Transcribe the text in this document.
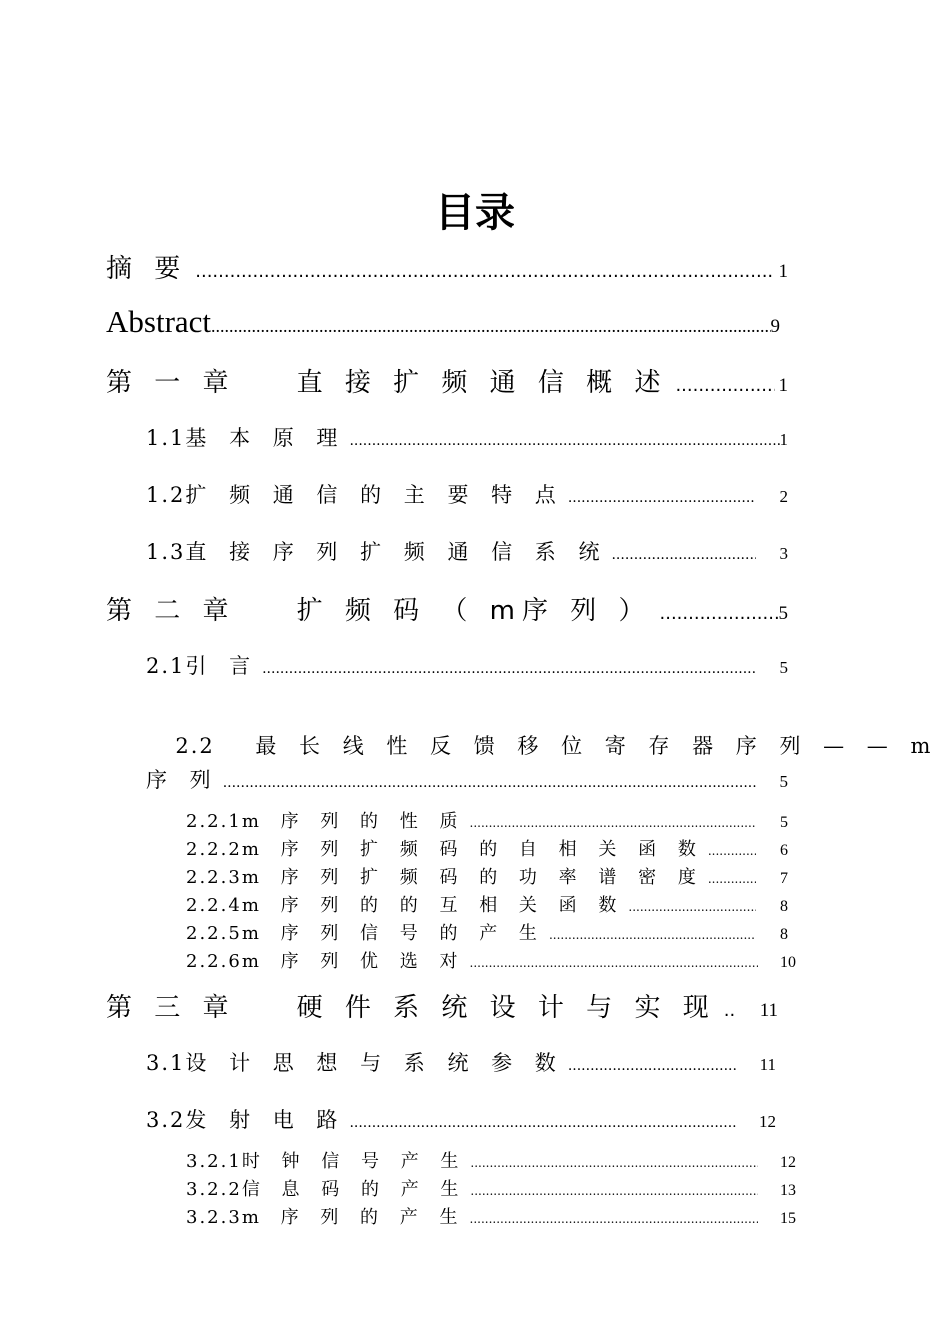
目录
摘 要 .....	1
Abstract .....	9
第 一 章    直 接 扩 频 通 信 概 述 .....	1
1.1 基 本 原 理 .....	1
1.2 扩 频 通 信 的 主 要 特 点 .....	2
1.3 直 接 序 列 扩 频 通 信 系 统 .....	3
第 二 章    扩 频 码 （ m序 列 ） .....	5
2.1 引 言 .....	5

2.2 最 长 线 性 反 馈 移 位 寄 存 器 序 列 — — m

序 列 .....	5
2.2.1 m 序 列 的 性 质 .....	5
2.2.2 m 序 列 扩 频 码 的 自 相 关 函 数 .....	6
2.2.3 m 序 列 扩 频 码 的 功 率 谱 密 度 .....	7
2.2.4 m 序 列 的 的 互 相 关 函 数 .....	8
2.2.5 m 序 列 信 号 的 产 生 .....	8
2.2.6 m 序 列 优 选 对 .....	10
第 三 章    硬 件 系 统 设 计 与 实 现 ..... 11
3.1 设 计 思 想 与 系 统 参 数 .....	11
3.2 发 射 电 路 .....	12
3.2.1 时 钟 信 号 产 生 .....	12
3.2.2 信 息 码 的 产 生 .....	13
3.2.3 m 序 列 的 产 生 .....	15
